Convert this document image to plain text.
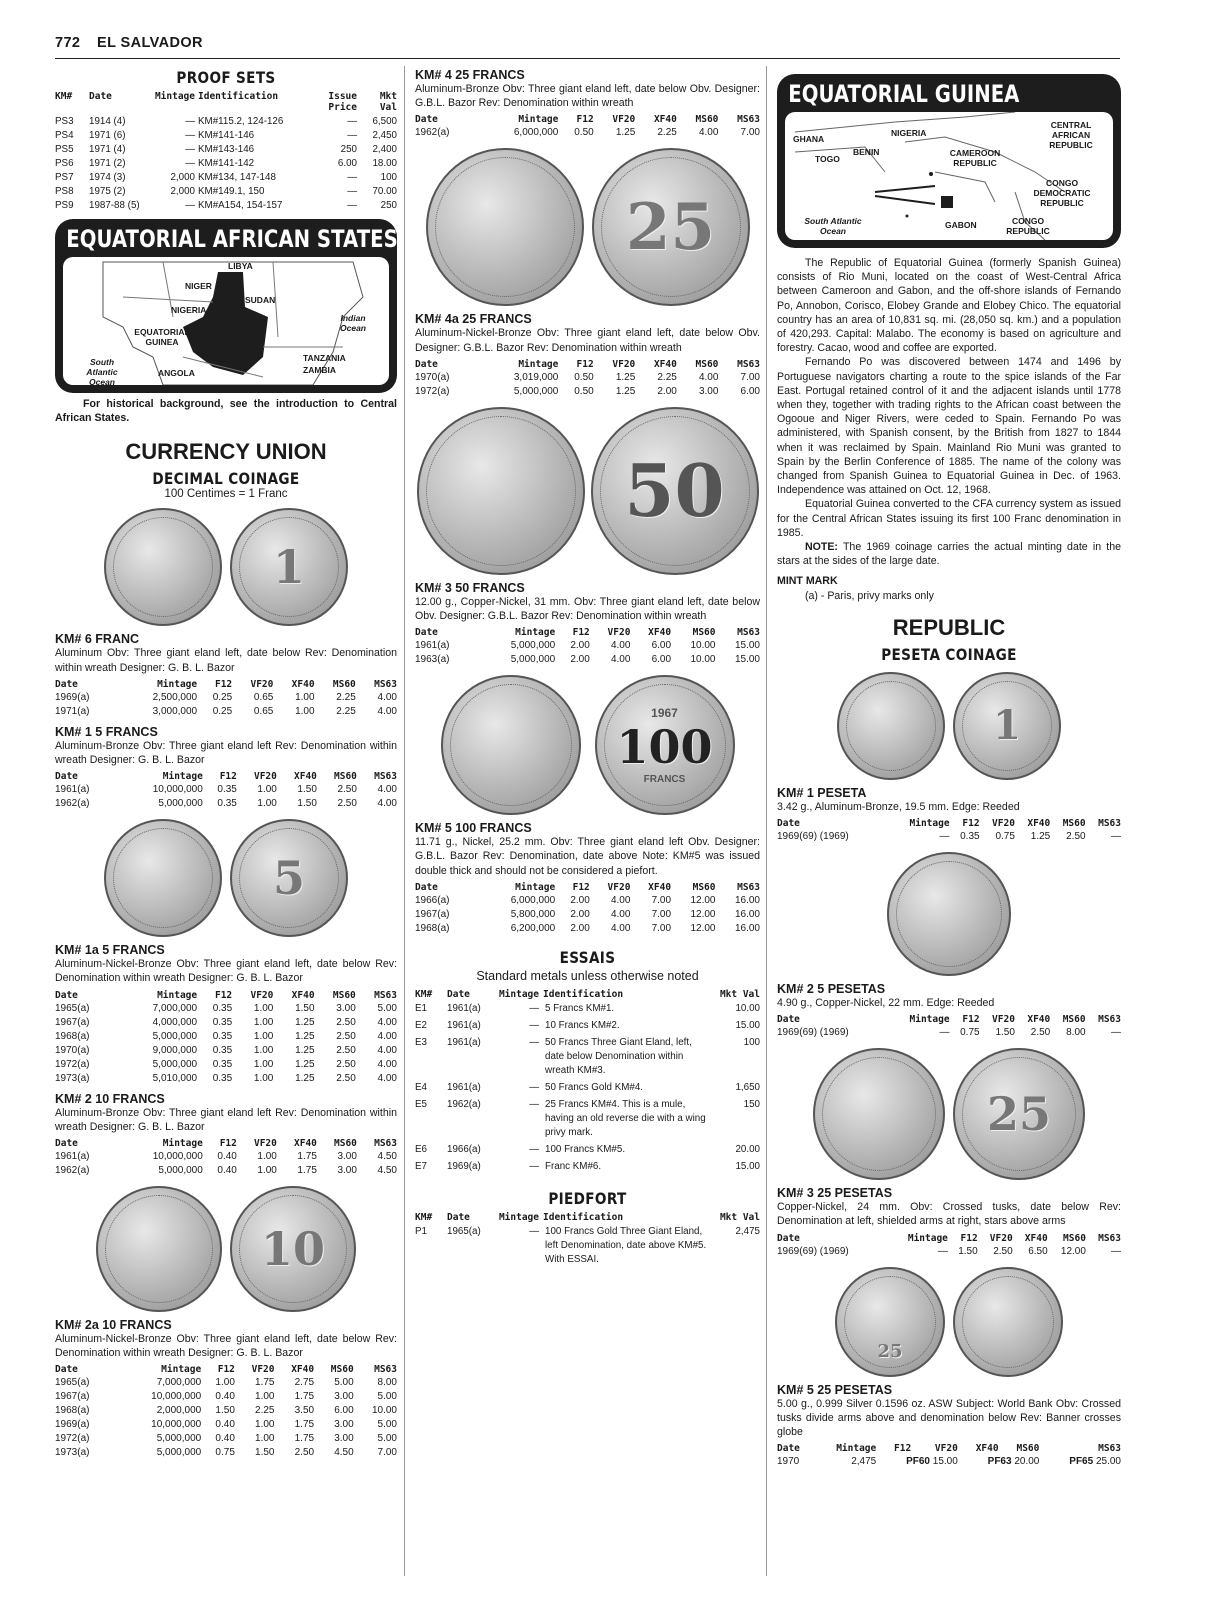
772 EL SALVADOR
PROOF SETS
KM#	Date	Mintage	Identification	Issue Price	Mkt Val
PS3	1914 (4)	—	KM#115.2, 124-126	—	6,500
PS4	1971 (6)	—	KM#141-146	—	2,450
PS5	1971 (4)	—	KM#143-146	250	2,400
PS6	1971 (2)	—	KM#141-142	6.00	18.00
PS7	1974 (3)	2,000	KM#134, 147-148	—	100
PS8	1975 (2)	2,000	KM#149.1, 150	—	70.00
PS9	1987-88 (5)	—	KM#A154, 154-157	—	250
EQUATORIAL AFRICAN STATES
LIBYA
NIGER
SUDAN
NIGERIA
Indian Ocean
EQUATORIAL GUINEA
South Atlantic Ocean
ANGOLA
TANZANIA
ZAMBIA
For historical background, see the introduction to Central African States.
CURRENCY UNION
DECIMAL COINAGE
100 Centimes = 1 Franc
1
KM# 6 FRANC
Aluminum Obv: Three giant eland left, date below Rev: Denomination within wreath Designer: G. B. L. Bazor
Date	Mintage	F12	VF20	XF40	MS60	MS63
1969(a)	2,500,000	0.25	0.65	1.00	2.25	4.00
1971(a)	3,000,000	0.25	0.65	1.00	2.25	4.00
KM# 1 5 FRANCS
Aluminum-Bronze Obv: Three giant eland left Rev: Denomination within wreath Designer: G. B. L. Bazor
Date	Mintage	F12	VF20	XF40	MS60	MS63
1961(a)	10,000,000	0.35	1.00	1.50	2.50	4.00
1962(a)	5,000,000	0.35	1.00	1.50	2.50	4.00
5
KM# 1a 5 FRANCS
Aluminum-Nickel-Bronze Obv: Three giant eland left, date below Rev: Denomination within wreath Designer: G. B. L. Bazor
Date	Mintage	F12	VF20	XF40	MS60	MS63
1965(a)	7,000,000	0.35	1.00	1.50	3.00	5.00
1967(a)	4,000,000	0.35	1.00	1.25	2.50	4.00
1968(a)	5,000,000	0.35	1.00	1.25	2.50	4.00
1970(a)	9,000,000	0.35	1.00	1.25	2.50	4.00
1972(a)	5,000,000	0.35	1.00	1.25	2.50	4.00
1973(a)	5,010,000	0.35	1.00	1.25	2.50	4.00
KM# 2 10 FRANCS
Aluminum-Bronze Obv: Three giant eland left Rev: Denomination within wreath Designer: G. B. L. Bazor
Date	Mintage	F12	VF20	XF40	MS60	MS63
1961(a)	10,000,000	0.40	1.00	1.75	3.00	4.50
1962(a)	5,000,000	0.40	1.00	1.75	3.00	4.50
10
KM# 2a 10 FRANCS
Aluminum-Nickel-Bronze Obv: Three giant eland left, date below Rev: Denomination within wreath Designer: G. B. L. Bazor
Date	Mintage	F12	VF20	XF40	MS60	MS63
1965(a)	7,000,000	1.00	1.75	2.75	5.00	8.00
1967(a)	10,000,000	0.40	1.00	1.75	3.00	5.00
1968(a)	2,000,000	1.50	2.25	3.50	6.00	10.00
1969(a)	10,000,000	0.40	1.00	1.75	3.00	5.00
1972(a)	5,000,000	0.40	1.00	1.75	3.00	5.00
1973(a)	5,000,000	0.75	1.50	2.50	4.50	7.00
KM# 4 25 FRANCS
Aluminum-Bronze Obv: Three giant eland left, date below Obv. Designer: G.B.L. Bazor Rev: Denomination within wreath
Date	Mintage	F12	VF20	XF40	MS60	MS63
1962(a)	6,000,000	0.50	1.25	2.25	4.00	7.00
25
KM# 4a 25 FRANCS
Aluminum-Nickel-Bronze Obv: Three giant eland left, date below Obv. Designer: G.B.L. Bazor Rev: Denomination within wreath
Date	Mintage	F12	VF20	XF40	MS60	MS63
1970(a)	3,019,000	0.50	1.25	2.25	4.00	7.00
1972(a)	5,000,000	0.50	1.25	2.00	3.00	6.00
50
KM# 3 50 FRANCS
12.00 g., Copper-Nickel, 31 mm. Obv: Three giant eland left, date below Obv. Designer: G.B.L. Bazor Rev: Denomination within wreath
Date	Mintage	F12	VF20	XF40	MS60	MS63
1961(a)	5,000,000	2.00	4.00	6.00	10.00	15.00
1963(a)	5,000,000	2.00	4.00	6.00	10.00	15.00
1967
100
FRANCS
KM# 5 100 FRANCS
11.71 g., Nickel, 25.2 mm. Obv: Three giant eland left Obv. Designer: G.B.L. Bazor Rev: Denomination, date above Note: KM#5 was issued double thick and should not be considered a piefort.
Date	Mintage	F12	VF20	XF40	MS60	MS63
1966(a)	6,000,000	2.00	4.00	7.00	12.00	16.00
1967(a)	5,800,000	2.00	4.00	7.00	12.00	16.00
1968(a)	6,200,000	2.00	4.00	7.00	12.00	16.00
ESSAIS
Standard metals unless otherwise noted
KM#	Date	Mintage	Identification	Mkt Val
E1	1961(a)	—	5 Francs KM#1.	10.00
E2	1961(a)	—	10 Francs KM#2.	15.00
E3	1961(a)	—	50 Francs Three Giant Eland, left, date below Denomination within wreath KM#3.	100
E4	1961(a)	—	50 Francs Gold KM#4.	1,650
E5	1962(a)	—	25 Francs KM#4. This is a mule, having an old reverse die with a wing privy mark.	150
E6	1966(a)	—	100 Francs KM#5.	20.00
E7	1969(a)	—	Franc KM#6.	15.00
PIEDFORT
KM#	Date	Mintage	Identification	Mkt Val
P1	1965(a)	—	100 Francs Gold Three Giant Eland, left Denomination, date above KM#5. With ESSAI.	2,475
EQUATORIAL GUINEA
GHANA
NIGERIA
CENTRAL AFRICAN REPUBLIC
BENIN
TOGO
CAMEROON REPUBLIC
CONGO DEMOCRATIC REPUBLIC
South Atlantic Ocean
GABON	CONGO REPUBLIC
The Republic of Equatorial Guinea (formerly Spanish Guinea) consists of Rio Muni, located on the coast of West-Central Africa between Cameroon and Gabon, and the off-shore islands of Fernando Po, Annobon, Corisco, Elobey Grande and Elobey Chico. The equatorial country has an area of 10,831 sq. mi. (28,050 sq. km.) and a population of 420,293. Capital: Malabo. The economy is based on agriculture and forestry. Cacao, wood and coffee are exported.
Fernando Po was discovered between 1474 and 1496 by Portuguese navigators charting a route to the spice islands of the Far East. Portugal retained control of it and the adjacent islands until 1778 when they, together with trading rights to the African coast between the Ogooue and Niger Rivers, were ceded to Spain. Fernando Po was administered, with Spanish consent, by the British from 1827 to 1844 when it was reclaimed by Spain. Mainland Rio Muni was granted to Spain by the Berlin Conference of 1885. The name of the colony was changed from Spanish Guinea to Equatorial Guinea in Dec. of 1963. Independence was attained on Oct. 12, 1968.
Equatorial Guinea converted to the CFA currency system as issued for the Central African States issuing its first 100 Franc denomination in 1985.
NOTE: The 1969 coinage carries the actual minting date in the stars at the sides of the large date.
MINT MARK
(a) - Paris, privy marks only
REPUBLIC
PESETA COINAGE
1
KM# 1 PESETA
3.42 g., Aluminum-Bronze, 19.5 mm. Edge: Reeded
Date	Mintage	F12	VF20	XF40	MS60	MS63
1969(69) (1969)	—	0.35	0.75	1.25	2.50	—
KM# 2 5 PESETAS
4.90 g., Copper-Nickel, 22 mm. Edge: Reeded
Date	Mintage	F12	VF20	XF40	MS60	MS63
1969(69) (1969)	—	0.75	1.50	2.50	8.00	—
25
KM# 3 25 PESETAS
Copper-Nickel, 24 mm. Obv: Crossed tusks, date below Rev: Denomination at left, shielded arms at right, stars above arms
Date	Mintage	F12	VF20	XF40	MS60	MS63
1969(69) (1969)	—	1.50	2.50	6.50	12.00	—
25
KM# 5 25 PESETAS
5.00 g., 0.999 Silver 0.1596 oz. ASW Subject: World Bank Obv: Crossed tusks divide arms above and denomination below Rev: Banner crosses globe
Date	Mintage	F12	VF20	XF40	MS60	MS63
1970	2,475	PF60 15.00		PF63 20.00		PF65 25.00
